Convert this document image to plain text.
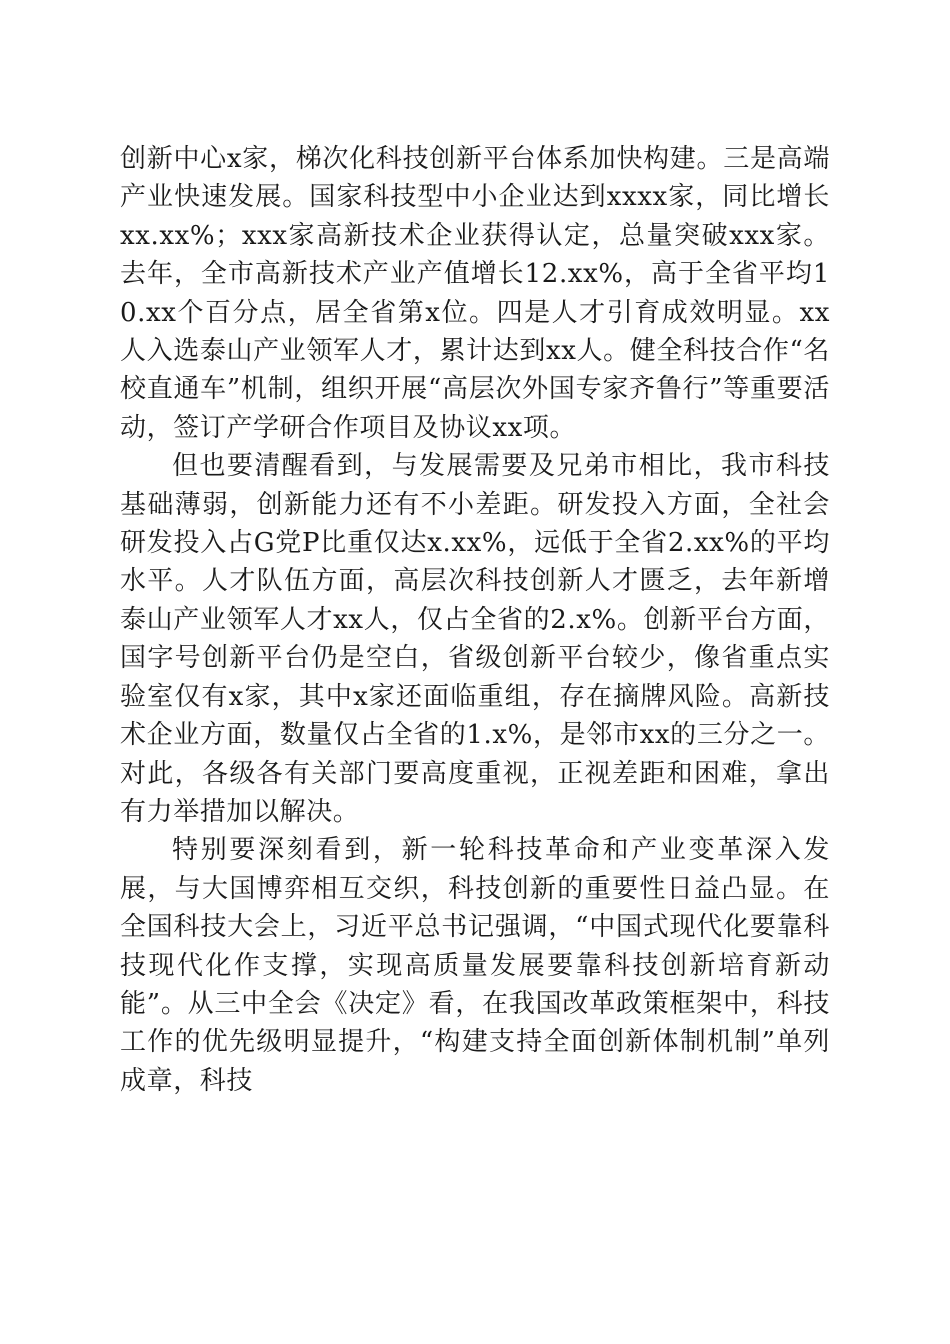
创新中心x家，梯次化科技创新平台体系加快构建。三是高端产业快速发展。国家科技型中小企业达到xxxx家，同比增长xx.xx%；xxx家高新技术企业获得认定，总量突破xxx家。去年，全市高新技术产业产值增长12.xx%，高于全省平均10.xx个百分点，居全省第x位。四是人才引育成效明显。xx人入选泰山产业领军人才，累计达到xx人。健全科技合作“名校直通车”机制，组织开展“高层次外国专家齐鲁行”等重要活动，签订产学研合作项目及协议xx项。

但也要清醒看到，与发展需要及兄弟市相比，我市科技基础薄弱，创新能力还有不小差距。研发投入方面，全社会研发投入占G党P比重仅达x.xx%，远低于全省2.xx%的平均水平。人才队伍方面，高层次科技创新人才匮乏，去年新增泰山产业领军人才xx人，仅占全省的2.x%。创新平台方面，国字号创新平台仍是空白，省级创新平台较少，像省重点实验室仅有x家，其中x家还面临重组，存在摘牌风险。高新技术企业方面，数量仅占全省的1.x%，是邻市xx的三分之一。对此，各级各有关部门要高度重视，正视差距和困难，拿出有力举措加以解决。

特别要深刻看到，新一轮科技革命和产业变革深入发展，与大国博弈相互交织，科技创新的重要性日益凸显。在全国科技大会上，习近平总书记强调，“中国式现代化要靠科技现代化作支撑，实现高质量发展要靠科技创新培育新动能”。从三中全会《决定》看，在我国改革政策框架中，科技工作的优先级明显提升，“构建支持全面创新体制机制”单列成章，科技
